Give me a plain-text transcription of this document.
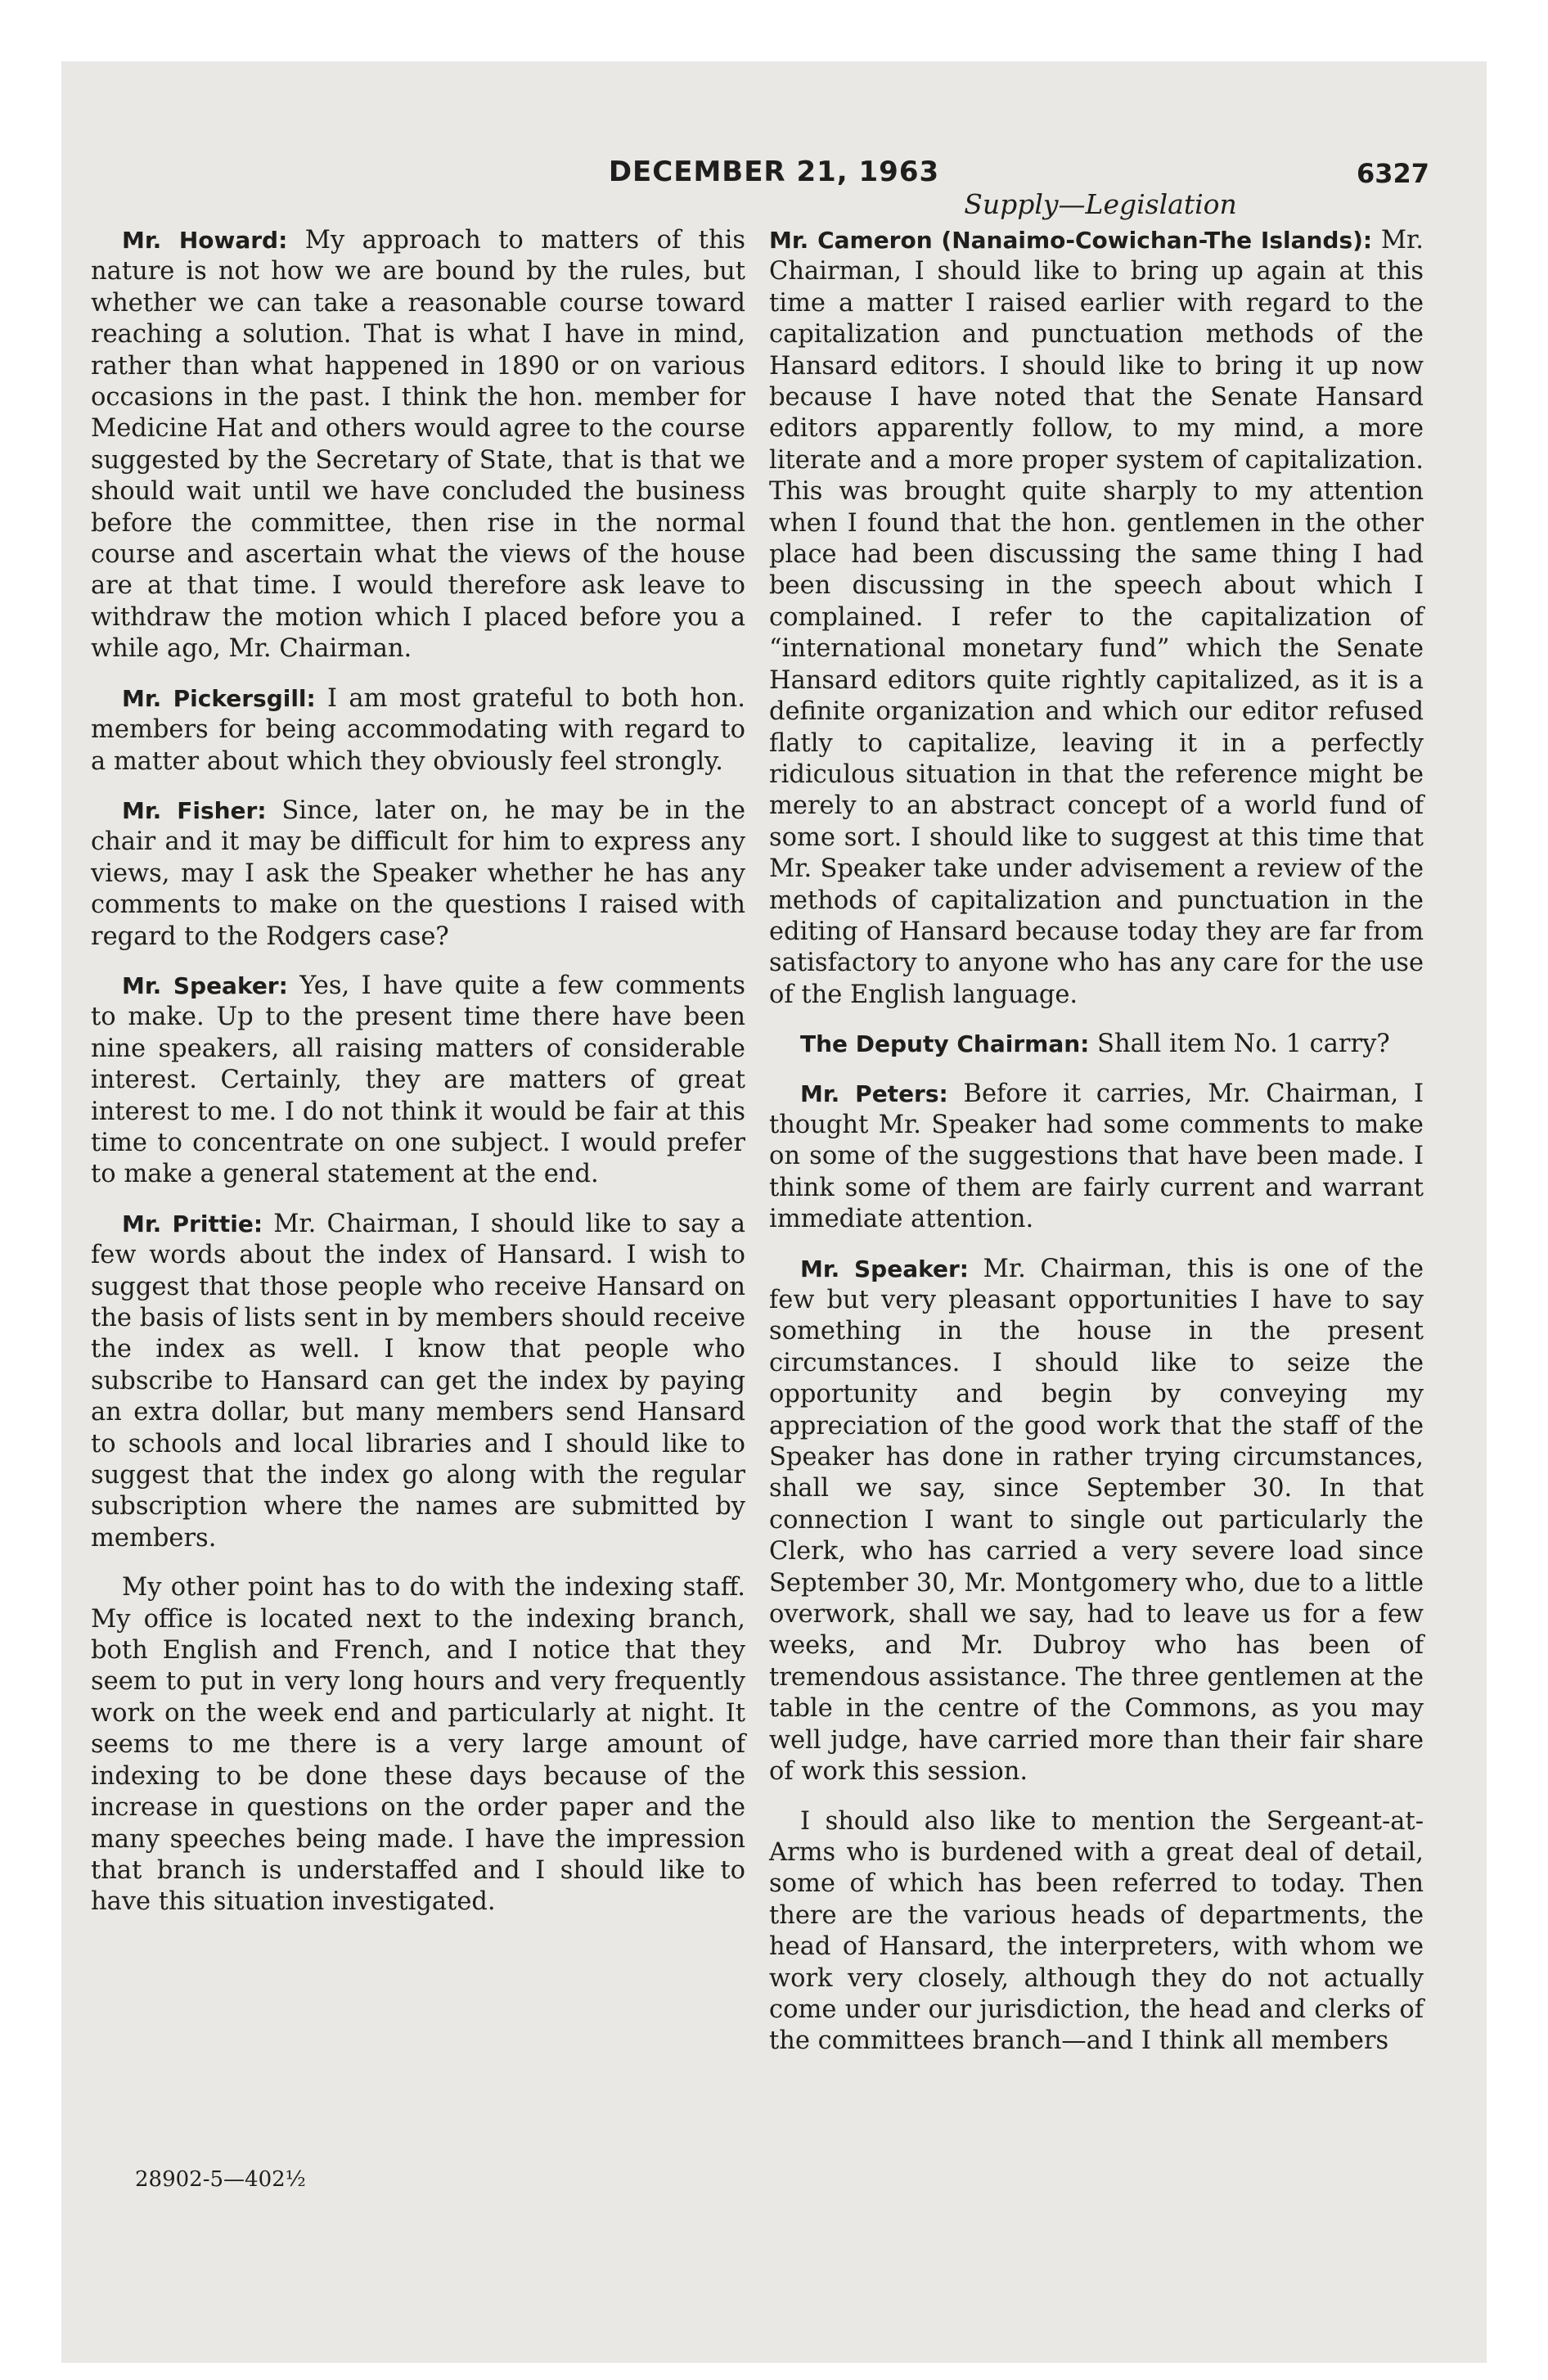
DECEMBER 21, 1963	6327
Supply—Legislation

Mr. Howard: My approach to matters of this nature is not how we are bound by the rules, but whether we can take a reasonable course toward reaching a solution. That is what I have in mind, rather than what happened in 1890 or on various occasions in the past. I think the hon. member for Medicine Hat and others would agree to the course suggested by the Secretary of State, that is that we should wait until we have concluded the business before the committee, then rise in the normal course and ascertain what the views of the house are at that time. I would therefore ask leave to withdraw the motion which I placed before you a while ago, Mr. Chairman.

Mr. Pickersgill: I am most grateful to both hon. members for being accommodating with regard to a matter about which they obviously feel strongly.

Mr. Fisher: Since, later on, he may be in the chair and it may be difficult for him to express any views, may I ask the Speaker whether he has any comments to make on the questions I raised with regard to the Rodgers case?

Mr. Speaker: Yes, I have quite a few comments to make. Up to the present time there have been nine speakers, all raising matters of considerable interest. Certainly, they are matters of great interest to me. I do not think it would be fair at this time to concentrate on one subject. I would prefer to make a general statement at the end.

Mr. Prittie: Mr. Chairman, I should like to say a few words about the index of Hansard. I wish to suggest that those people who receive Hansard on the basis of lists sent in by members should receive the index as well. I know that people who subscribe to Hansard can get the index by paying an extra dollar, but many members send Hansard to schools and local libraries and I should like to suggest that the index go along with the regular subscription where the names are submitted by members.

My other point has to do with the indexing staff. My office is located next to the indexing branch, both English and French, and I notice that they seem to put in very long hours and very frequently work on the week end and particularly at night. It seems to me there is a very large amount of indexing to be done these days because of the increase in questions on the order paper and the many speeches being made. I have the impression that branch is understaffed and I should like to have this situation investigated.

Mr. Cameron (Nanaimo-Cowichan-The Islands): Mr. Chairman, I should like to bring up again at this time a matter I raised earlier with regard to the capitalization and punctuation methods of the Hansard editors. I should like to bring it up now because I have noted that the Senate Hansard editors apparently follow, to my mind, a more literate and a more proper system of capitalization. This was brought quite sharply to my attention when I found that the hon. gentlemen in the other place had been discussing the same thing I had been discussing in the speech about which I complained. I refer to the capitalization of “international monetary fund” which the Senate Hansard editors quite rightly capitalized, as it is a definite organization and which our editor refused flatly to capitalize, leaving it in a perfectly ridiculous situation in that the reference might be merely to an abstract concept of a world fund of some sort. I should like to suggest at this time that Mr. Speaker take under advisement a review of the methods of capitalization and punctuation in the editing of Hansard because today they are far from satisfactory to anyone who has any care for the use of the English language.

The Deputy Chairman: Shall item No. 1 carry?

Mr. Peters: Before it carries, Mr. Chairman, I thought Mr. Speaker had some comments to make on some of the suggestions that have been made. I think some of them are fairly current and warrant immediate attention.

Mr. Speaker: Mr. Chairman, this is one of the few but very pleasant opportunities I have to say something in the house in the present circumstances. I should like to seize the opportunity and begin by conveying my appreciation of the good work that the staff of the Speaker has done in rather trying circumstances, shall we say, since September 30. In that connection I want to single out particularly the Clerk, who has carried a very severe load since September 30, Mr. Montgomery who, due to a little overwork, shall we say, had to leave us for a few weeks, and Mr. Dubroy who has been of tremendous assistance. The three gentlemen at the table in the centre of the Commons, as you may well judge, have carried more than their fair share of work this session.

I should also like to mention the Sergeant-at-Arms who is burdened with a great deal of detail, some of which has been referred to today. Then there are the various heads of departments, the head of Hansard, the interpreters, with whom we work very closely, although they do not actually come under our jurisdiction, the head and clerks of the committees branch—and I think all members

28902-5—402½
